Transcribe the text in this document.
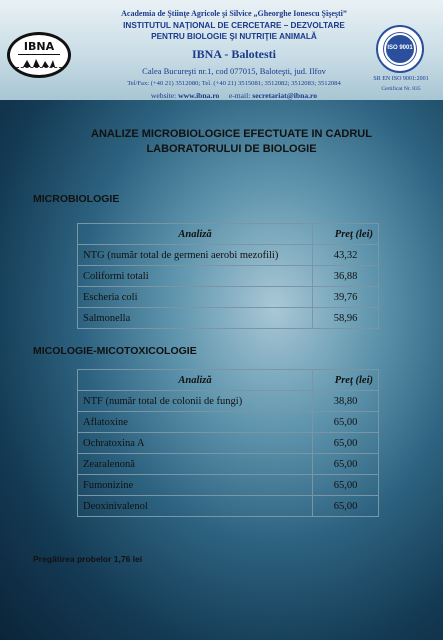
IBNA
Academia de Ştiinţe Agricole şi Silvice „Gheorghe Ionescu Şişeşti”
INSTITUTUL NAŢIONAL DE CERCETARE – DEZVOLTARE
PENTRU BIOLOGIE ŞI NUTRIŢIE ANIMALĂ
IBNA - Balotesti
Calea Bucureşti nr.1, cod 077015, Baloteşti, jud. Ilfov
Tel/Fax: (+40 21) 3512080; Tel. (+40 21) 3515081; 3512082; 3512083; 3512084
website: www.ibna.ro e-mail: secretariat@ibna.ro
ISO 9001
SR EN ISO 9001:2001
Certificat Nr. 835
ANALIZE MICROBIOLOGICE EFECTUATE IN CADRUL
LABORATORULUI DE BIOLOGIE
MICROBIOLOGIE
Analiză	Preţ (lei)
NTG (număr total de germeni aerobi mezofili)	43,32
Coliformi totali	36,88
Escheria coli	39,76
Salmonella	58,96
MICOLOGIE-MICOTOXICOLOGIE
Analiză	Preţ (lei)
NTF (număr total de colonii de fungi)	38,80
Aflatoxine	65,00
Ochratoxina A	65,00
Zearalenonă	65,00
Fumonizine	65,00
Deoxinivalenol	65,00
Pregătirea probelor 1,76 lei
